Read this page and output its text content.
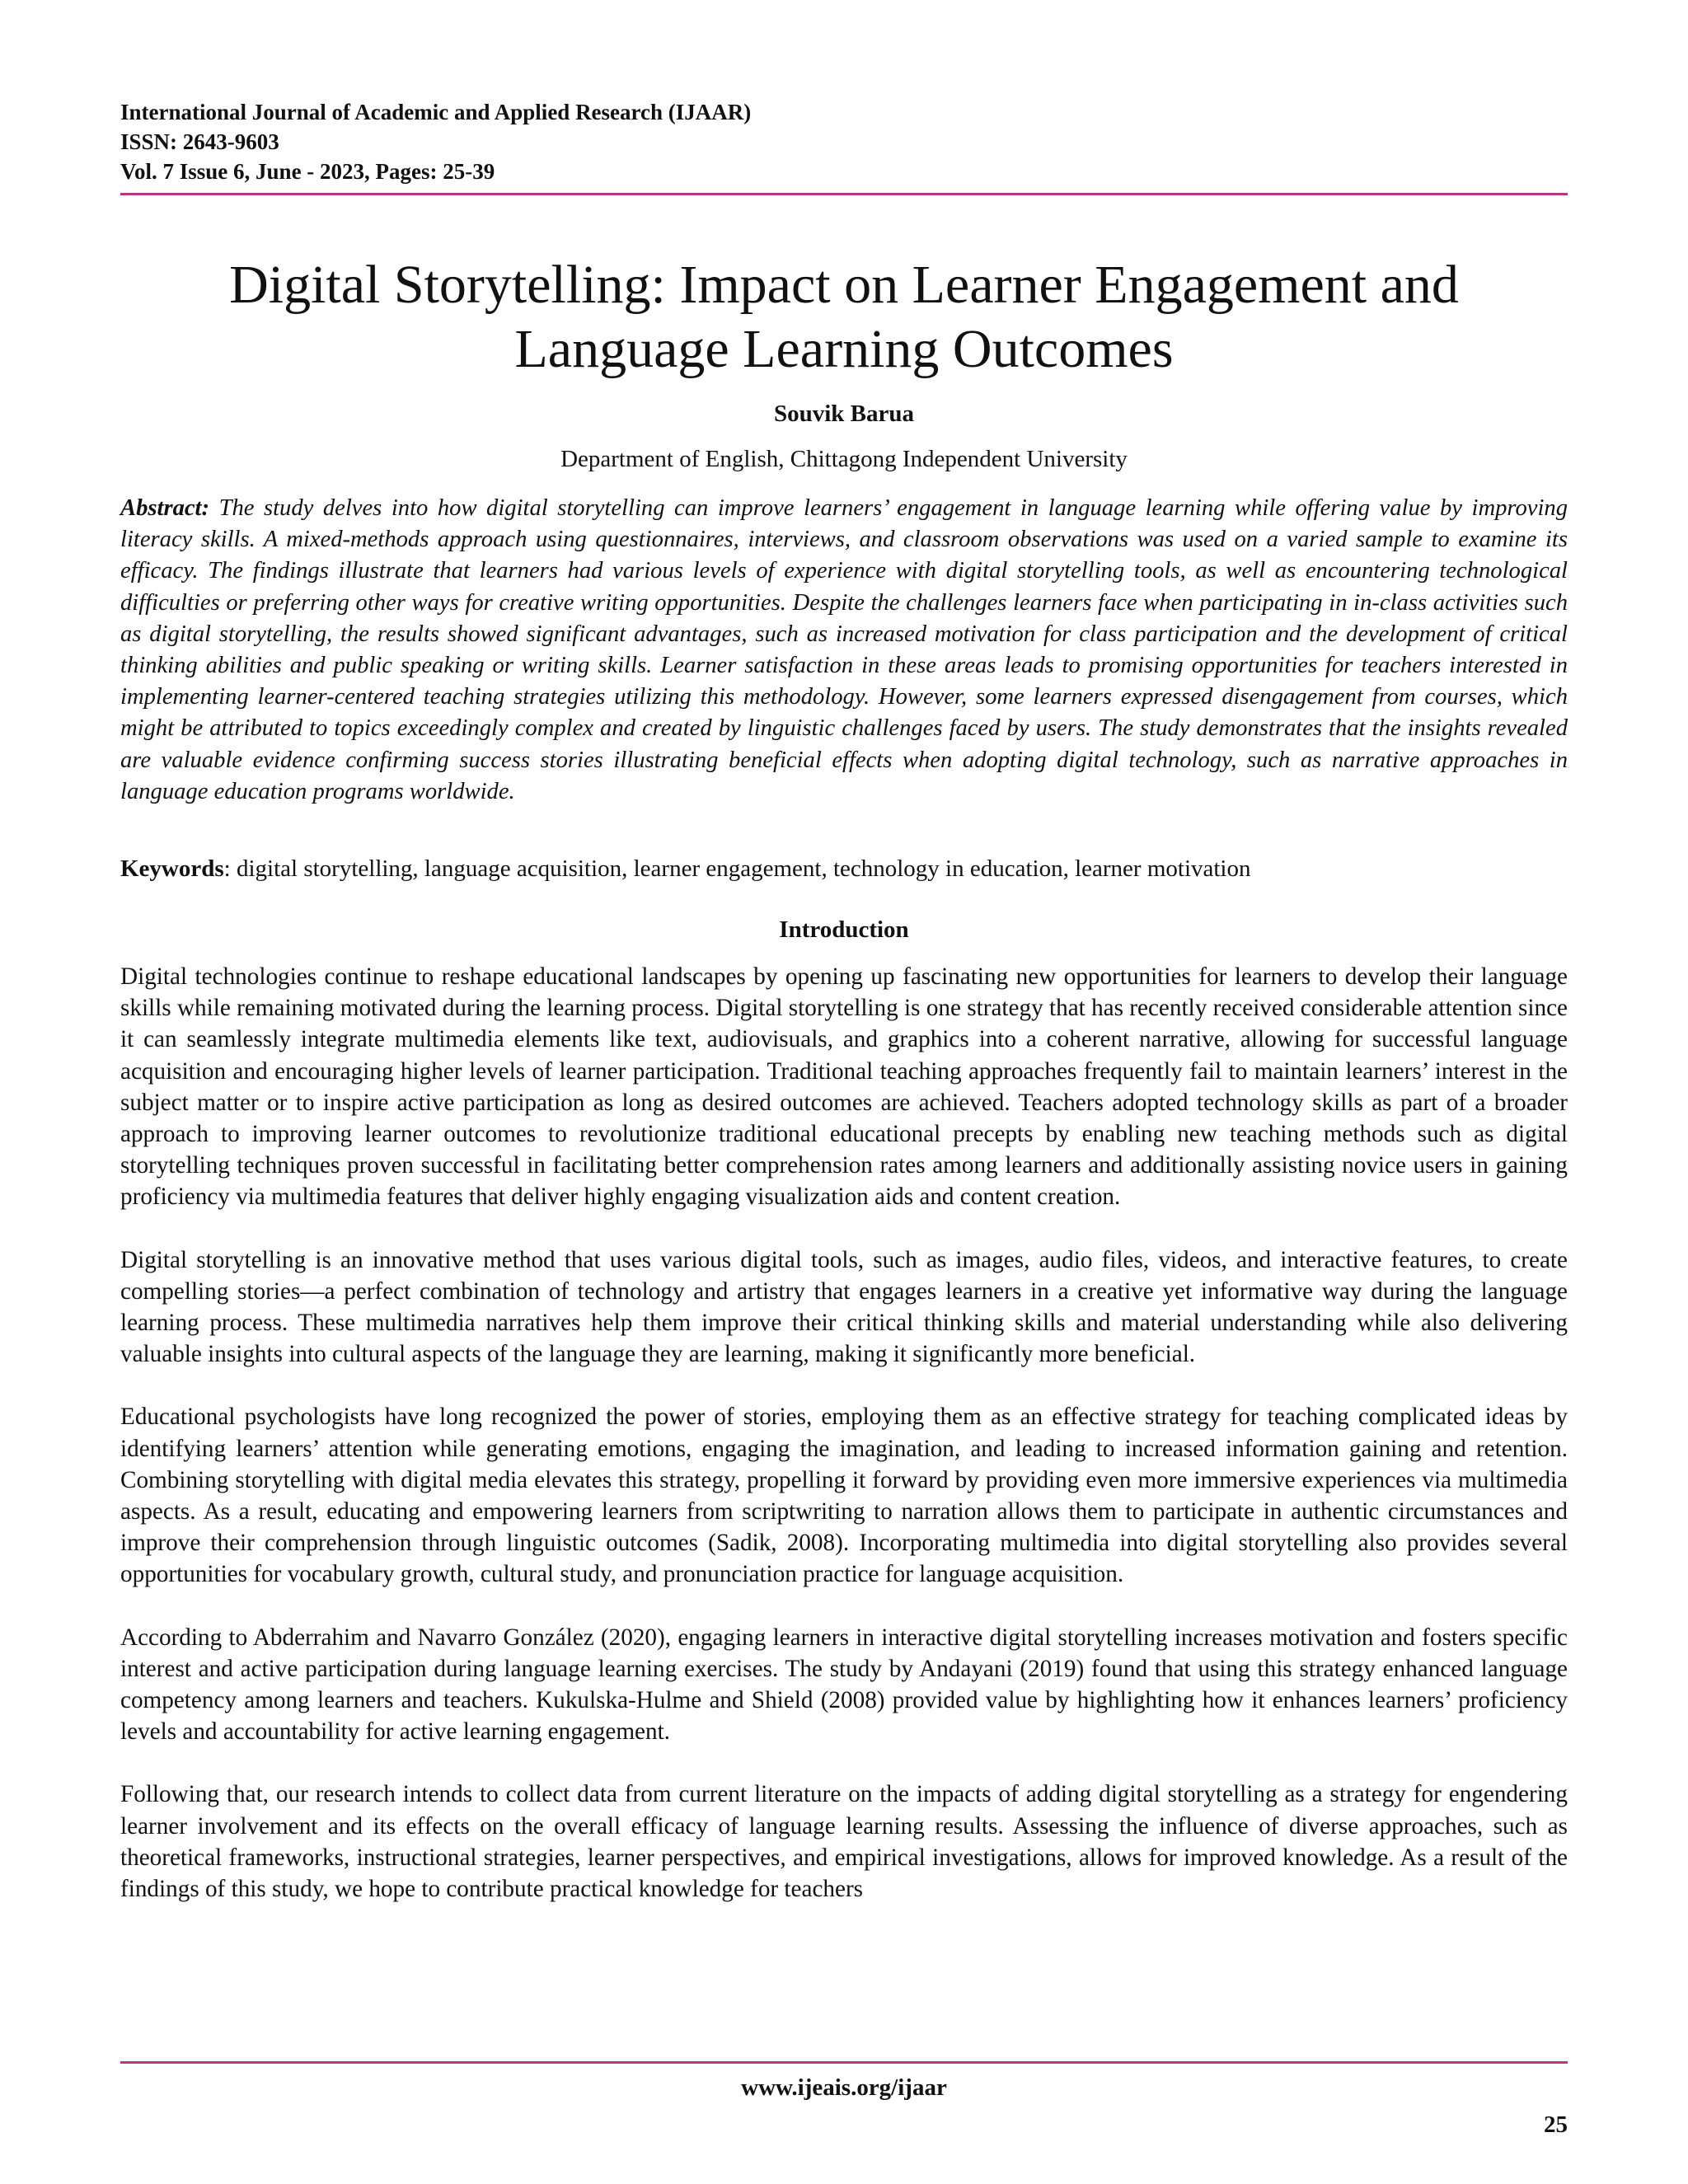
International Journal of Academic and Applied Research (IJAAR)
ISSN: 2643-9603
Vol. 7 Issue 6, June - 2023, Pages: 25-39
Digital Storytelling: Impact on Learner Engagement and Language Learning Outcomes
Souvik Barua
Department of English, Chittagong Independent University

Abstract: The study delves into how digital storytelling can improve learners’ engagement in language learning while offering value by improving literacy skills. A mixed-methods approach using questionnaires, interviews, and classroom observations was used on a varied sample to examine its efficacy. The findings illustrate that learners had various levels of experience with digital storytelling tools, as well as encountering technological difficulties or preferring other ways for creative writing opportunities. Despite the challenges learners face when participating in in-class activities such as digital storytelling, the results showed significant advantages, such as increased motivation for class participation and the development of critical thinking abilities and public speaking or writing skills. Learner satisfaction in these areas leads to promising opportunities for teachers interested in implementing learner-centered teaching strategies utilizing this methodology. However, some learners expressed disengagement from courses, which might be attributed to topics exceedingly complex and created by linguistic challenges faced by users. The study demonstrates that the insights revealed are valuable evidence confirming success stories illustrating beneficial effects when adopting digital technology, such as narrative approaches in language education programs worldwide.

Keywords: digital storytelling, language acquisition, learner engagement, technology in education, learner motivation
Introduction

Digital technologies continue to reshape educational landscapes by opening up fascinating new opportunities for learners to develop their language skills while remaining motivated during the learning process. Digital storytelling is one strategy that has recently received considerable attention since it can seamlessly integrate multimedia elements like text, audiovisuals, and graphics into a coherent narrative, allowing for successful language acquisition and encouraging higher levels of learner participation. Traditional teaching approaches frequently fail to maintain learners’ interest in the subject matter or to inspire active participation as long as desired outcomes are achieved. Teachers adopted technology skills as part of a broader approach to improving learner outcomes to revolutionize traditional educational precepts by enabling new teaching methods such as digital storytelling techniques proven successful in facilitating better comprehension rates among learners and additionally assisting novice users in gaining proficiency via multimedia features that deliver highly engaging visualization aids and content creation.

Digital storytelling is an innovative method that uses various digital tools, such as images, audio files, videos, and interactive features, to create compelling stories—a perfect combination of technology and artistry that engages learners in a creative yet informative way during the language learning process. These multimedia narratives help them improve their critical thinking skills and material understanding while also delivering valuable insights into cultural aspects of the language they are learning, making it significantly more beneficial.

Educational psychologists have long recognized the power of stories, employing them as an effective strategy for teaching complicated ideas by identifying learners’ attention while generating emotions, engaging the imagination, and leading to increased information gaining and retention. Combining storytelling with digital media elevates this strategy, propelling it forward by providing even more immersive experiences via multimedia aspects. As a result, educating and empowering learners from scriptwriting to narration allows them to participate in authentic circumstances and improve their comprehension through linguistic outcomes (Sadik, 2008). Incorporating multimedia into digital storytelling also provides several opportunities for vocabulary growth, cultural study, and pronunciation practice for language acquisition.

According to Abderrahim and Navarro González (2020), engaging learners in interactive digital storytelling increases motivation and fosters specific interest and active participation during language learning exercises. The study by Andayani (2019) found that using this strategy enhanced language competency among learners and teachers. Kukulska-Hulme and Shield (2008) provided value by highlighting how it enhances learners’ proficiency levels and accountability for active learning engagement.

Following that, our research intends to collect data from current literature on the impacts of adding digital storytelling as a strategy for engendering learner involvement and its effects on the overall efficacy of language learning results. Assessing the influence of diverse approaches, such as theoretical frameworks, instructional strategies, learner perspectives, and empirical investigations, allows for improved knowledge. As a result of the findings of this study, we hope to contribute practical knowledge for teachers

www.ijeais.org/ijaar
25
